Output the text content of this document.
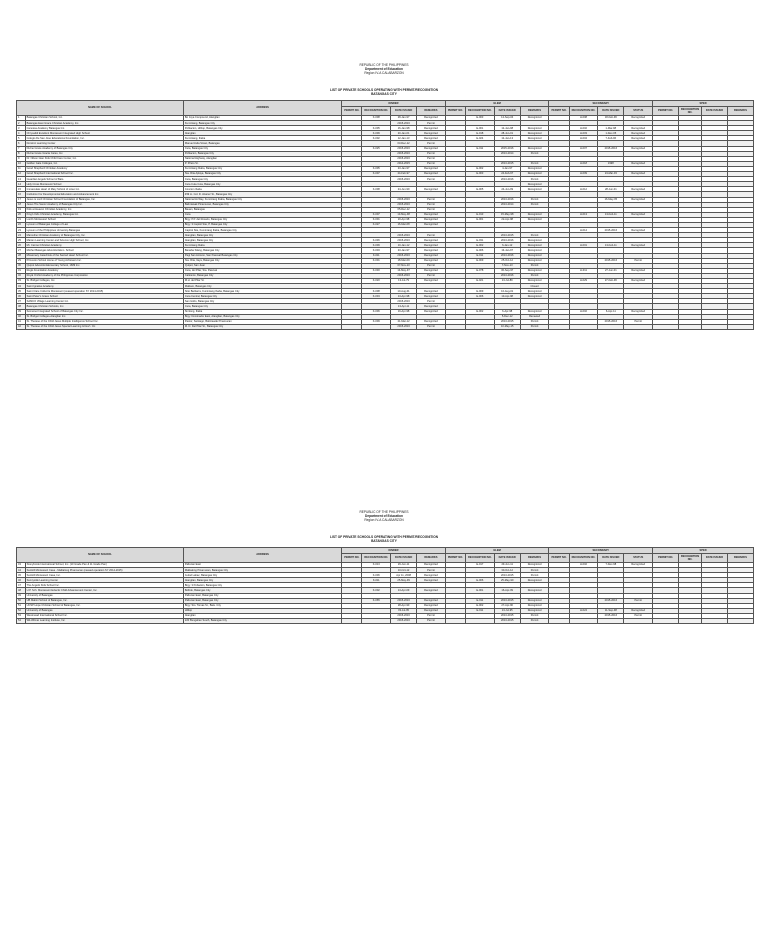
REPUBLIC OF THE PHILIPPINES
Department of Education
Region IV-A CALABARZON
LIST OF PRIVATE SCHOOLS OPERATING WITH PERMIT/RECOGNITION
BATANGAS CITY
NAME OF SCHOOL		ADDRESS	KINDER				ELEM				SECONDARY				SPED			
			PERMIT NO.	RECOGNITION NO.	DATE ISSUED	REMARKS	PERMIT NO.	RECOGNITION NO.	DATE ISSUED	REMARKS	PERMIT NO.	RECOGNITION NO.	DATE ISSUED	STATUS	PERMIT NO.	RECOGNITION NO.	DATE ISSUED	REMARKS
1	Batangas Christian School, Inc.	Bo Joya Compound, Alangilan		K-008	28-Jan-97	Recognized		E-003	12-Sep-04	Recognized		H-008	18-Feb-96	Recognized				
2	Batangas East Grace Christian Academy, Inc.	Kumintang, Batangas City			2015-2016	Permit												
3	Canossa Academy Batangas Inc.	Poblacion, Hilltop, Batangas City		K-005	16-Jan-98	Recognized		E-001	12-Jan-98	Recognized		H-002	1-Mar-98	Recognized				
4	Chrysalidi Excellent Montessori Integrated High School	Alangilan		K-009	20-Jan-01	Recognized		E-018	28-Jun-01	Recognized		H-003	1-Dec-05	Recognized				
5	Colegio De San Jose Educational Foundation, Inc.	Kumintang, Ibaba		K-002	12-Jan-13	Recognized		E-024	12-Jan-13	Recognized		H-004	7-Feb-96	Recognized				
6	Dominic Learning Center	Manuel Avila Street, Batangas			03-Dec-12	Permit												
7	Divine Grace Academy of Batangas City	Cuta, Batangas City		K-025	2015-2016	Recognized		E-011	2015-2016	Recognized		H-007	2015-2016	Recognized				
8	Divine Grace Gracia Cares, Inc.	Poblacion, Batangas City			2015-2016	Permit			2013-2014	Permit								
9	Dr. Nilson Gian Kids Child Care Center, Inc.	National Highway, Alangilan			2015-2016	Permit												
10	Golden Gate Colleges, Inc.	P. Prieto St.			2014-2015	Permit			2013-2015	Permit		H-018	1998	Recognized				
11	Good Shepherd Christian Academy	Kumintang Ibaba, Batangas City		K-005	23-Jan-97	Recognized		E-002	4-Jan-97	Recognized								
12	Good Shepherd International School Inc.	Sta. Rita Aplaya, Batangas City		K-007	24-Feb-97	Recognized		E-003	24-Feb-97	Recognized		H-009	24-Mar-03	Recognized				
13	Guardian Angels School of Bats.	Cuta, Batangas City			2015-2016	Permit			2013-2016	Permit								
14	Holy Cross Montessori School	Cuta Cuta Cuta, Batangas City								Recognized								
15	Immaculate Heart of Mary School of Liceo Inc.	Concion Ibaba		K-008	24-Jun-99	Recognized		E-005	24-Jun-99	Recognized		H-012	28-Jun-01	Recognized				
16	Institution For Developmental Education and Advancement Inc.	#39 Lt. Col. D. Alvarez St., Batangas City																
17	Jesus is Lord Christian School Foundation of Batangas, Inc.	National Hi-Way, Kumintang Ibaba, Batangas City			2015-2016	Permit			2013-2016	Permit			16-May-05	Recognized				
18	Jesus The Savior Academy of Batangas City Inc.	Balintawak Pinamucan, Batangas City			2015-2016	Permit			2013-2014	Permit								
19	Kids at Heaven Christian Academy, Inc.	Bauan, Batangas			05-Dec-12	Permit												
20	King's Kids Christian Academy, Batangas Inc.	Cuta		K-007	13-May-98	Recognized		E-013	15-May-98	Recognized		H-013	13-Feb-11	Recognized				
21	Lord's Montessori School	Brgy. P.P. del Rosario, Batangas City		K-001	20-Apr-98	Recognized		E-001	22-Apr-98	Recognized								
22	Lyceum of Batangas College of Law	Brgy. 3 Capitol Site, P. Batangas City		K-027	16-Mar-08	Recognized												
23	Lyceum of the Philippines University-Batangas	Capitol Site, Kumintang Ibaba, Batangas City										H-014	2015-2016	Recognized				
24	Marcelino Christian Academy of Batangas City, Inc.	Alangilan, Batangas City			2015-2016	Permit			2013-2015	Permit								
25	Marian Learning Center and Science High School, Inc.	Alangilan, Batangas City		K-036	2015-2016	Recognized		E-031	2013-2016	Recognized								
26	Mt. Carmel Christian Academy	Kumintang Ibaba		K-009	10-Jan-12	Recognized		E-002	6-Jan-12	Recognized		H-001	13-Feb-11	Recognized				
27	Mother Batangas Adventist Elem. School	Banaba Silang, Batangas City		K-003	23-Jan-97	Recognized		E-006	13-Jan-97	Recognized								
28	Missionary Catechists of the Sacred Heart School Inc.	Pagi San Antonio, San Pascual Batangas City		K-011	2015-2016	Recognized		E-011	2013-2016	Recognized								
29	Princeton School Home of Young Achievers Inc.	Sta. Rita, Ilaya, Batangas City		K-001	18-Mar-09	Recognized		E-009	25-Oct-12	Recognized			2015-2016	Permit				
30	Quipot Adventist Elementary School, 1689 Inc.	Quipot, San Juan			07-Nov-13	Permit			7-Nov-13	Permit								
31	Regis Foundation Academy	Cuta, del Pilar, Sta. Pascual		K-030	14-May-97	Recognized		E-078	30-Sep-97	Recognized		H-011	27-Jun-01	Recognized				
32	Royal Orchid Academy of the Philippines Corporation	Calicanto, Batangas City			2015-2016	Permit			2013-2016	Permit								
33	St. Bridget Colleges, Inc.	M.H. del Pilar St.		K-020	13-Jul-79	Recognized		E-021	13-Jul-89	Recognized		H-029	27-Feb-96	Recognized				
34	Saint Ignatius Academy	Malitam, Batangas City								Closed								
35	Saint Clare Colluzza Montessori (ceased operation SY 2014-2015)	Sitio Barbarra, Kumintang Ibaba, Batangas City		K-008	10-Aug-01	Recognized		E-009	10-Aug-01	Recognized								
36	Saint Peter's Grace School	Cuta Central, Batangas City		K-004	13-Apr-98	Recognized		E-006	13-Apr-98	Recognized								
37	SAMCO Village Learning Center Inc.	San Isidro, Batangas City			2015-2016	Permit												
38	Batangas Christian Schools, Inc.	Cuta, Batangas City			13-Apr-11	Recognized												
39	Somerset Integrated School of Batangas City Inc.	Simlong, Ibaba		K-006	16-Apr-98	Recognized		E-002	6-Apr-98	Recognized		H-002	6-Apr-11	Recognized				
40	St. Bridget Colleges-Alangilan Inc.	Brgy. Dominador East, Alangilan, Batangas City							5-Dec-12	Renewed								
41	St. Therese of the Child Jesus Multiple Intelligence School Inc.	Pastor, Santiago, Balintawak Pinamucan		K-009	21-Mar-12	Recognized			2013-2015	Permit			2015-2016	Permit				
42	St. Therese of the Child Jesus Special Learning & Dev't. Ctr.	M. D. Del Pilar St., Batangas City			2015-2016	Permit			10-May-15	Permit								
REPUBLIC OF THE PHILIPPINES
Department of Education
Region IV-A CALABARZON
LIST OF PRIVATE SCHOOLS OPERATING WITH PERMIT/RECOGNITION
BATANGAS CITY
NAME OF SCHOOL		ADDRESS	KINDER				ELEM				SECONDARY				SPED			
			PERMIT NO.	RECOGNITION NO.	DATE ISSUED	REMARKS	PERMIT NO.	RECOGNITION NO.	DATE ISSUED	REMARKS	PERMIT NO.	RECOGNITION NO.	DATE ISSUED	STATUS	PERMIT NO.	RECOGNITION NO.	DATE ISSUED	REMARKS
43	Stonybrook International School, Inc. (10 Grade Pan & 11 Grade Pan)	Pallocan East		K-013	29-Jun-11	Recognized		E-017	29-Jun-11	Recognized		H-002	7-Dec-98	Recognized				
44	SunHill Montessori Casa - Malitalong Pinamucan (ceased operation SY 2014-2015)	Malitalong Pinamucan, Batangas City			10-Oct-12	Permit			30-Oct-12	Permit								
45	SunHill Montessori Casa, Inc.	Gulod Labac, Batangas City		K-006	Apr 11, 2008	Recognized			2013-2015	Permit								
46	Sunnyside Learning Center	Alangilan, Batangas City		K-011	25-May-99	Recognized		E-006	25-May-99	Recognized								
47	The Angelic Kids School Inc.	Brgy. 3 Pobacion, Batangas City																
48	U.P. Sch. Montessori Eclectic Child Advancement Center, Inc.	Bolbok, Batangas City		K-002	13-Apr-09	Recognized		E-001	16-Apr-09	Recognized								
49	University of Batangas	Pallocan East, Batangas City																
50	UB Mabini School of Batangas, Inc.	Pallocan East, Batangas City		K-065	2015-2016	Recognized		E-011	2013-2015	Recognized			2015-2016	Permit				
51	UCSP Hope Christian School of Batangas, Inc.	Brgy. Sto. Tomas St., Bats. City			28-Apr-90	Recognized		E-002	27-Apr-90	Recognized								
52	University of Batangas	Hilltop			03-Jul-95	Recognized		E-011	13-Jul-95	Recognized		H-024	11-Sep-98	Recognized				
53	Westmead International School Inc.	Alangilan			2015-2016	Permit			2013-2015	Permit			2015-2016	Permit				
54	Wil-Wilmar Learning Institute, Inc.	220 Bungahan South, Batangas City			2015-2016	Permit			2013-2015	Permit								
